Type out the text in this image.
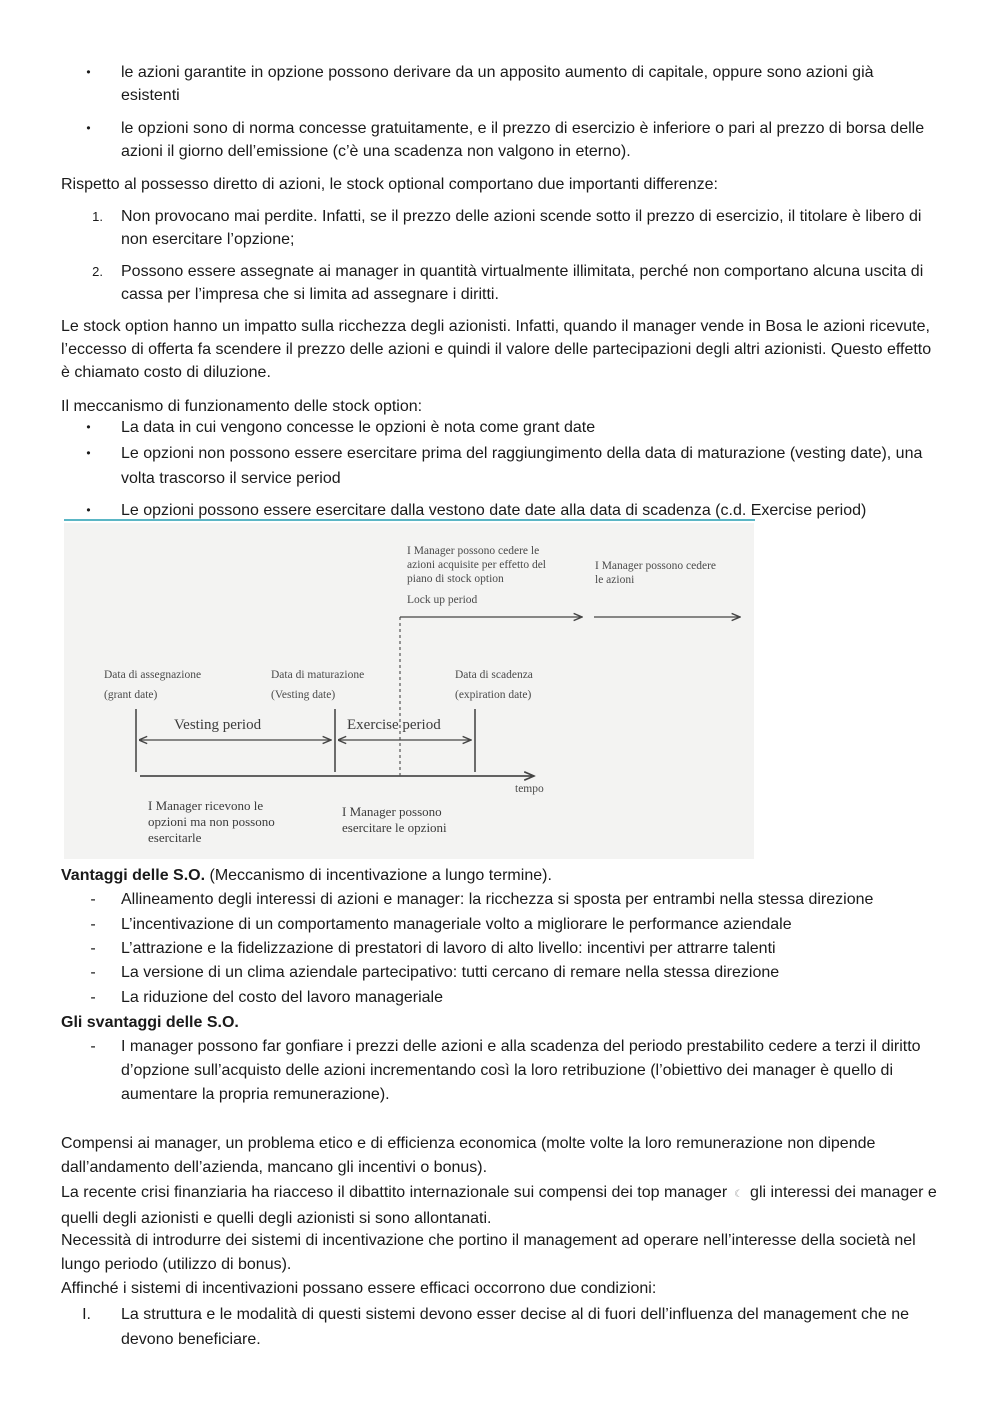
•	le azioni garantite in opzione possono derivare da un apposito aumento di capitale, oppure sono azioni già esistenti
•	le opzioni sono di norma concesse gratuitamente, e il prezzo di esercizio è inferiore o pari al prezzo di borsa delle azioni il giorno dell’emissione (c’è una scadenza non valgono in eterno).
Rispetto al possesso diretto di azioni, le stock optional comportano due importanti differenze:
1. Non provocano mai perdite. Infatti, se il prezzo delle azioni scende sotto il prezzo di esercizio, il titolare è libero di non esercitare l’opzione;
2. Possono essere assegnate ai manager in quantità virtualmente illimitata, perché non comportano alcuna uscita di cassa per l’impresa che si limita ad assegnare i diritti.
Le stock option hanno un impatto sulla ricchezza degli azionisti. Infatti, quando il manager vende in Bosa le azioni ricevute, l’eccesso di offerta fa scendere il prezzo delle azioni e quindi il valore delle partecipazioni degli altri azionisti. Questo effetto è chiamato costo di diluzione.
Il meccanismo di funzionamento delle stock option:
•	La data in cui vengono concesse le opzioni è nota come grant date
•	Le opzioni non possono essere esercitare prima del raggiungimento della data di maturazione (vesting date), una volta trascorso il service period
•	Le opzioni possono essere esercitare dalla vestono date date alla data di scadenza (c.d. Exercise period)
I Manager possono cedere le
azioni acquisite per effetto del
piano di stock option
Lock up period
I Manager possono cedere
le azioni
Data di assegnazione
(grant date)
Data di maturazione
(Vesting date)
Data di scadenza
(expiration date)
Vesting period	Exercise period
tempo
I Manager ricevono le
opzioni ma non possono
esercitarle
I Manager possono
esercitare le opzioni
Vantaggi delle S.O. (Meccanismo di incentivazione a lungo termine).
-	Allineamento degli interessi di azioni e manager: la ricchezza si sposta per entrambi nella stessa direzione
-	L’incentivazione di un comportamento manageriale volto a migliorare le performance aziendale
-	L’attrazione e la fidelizzazione di prestatori di lavoro di alto livello: incentivi per attrarre talenti
-	La versione di un clima aziendale partecipativo: tutti cercano di remare nella stessa direzione
-	La riduzione del costo del lavoro manageriale
Gli svantaggi delle S.O.
-	I manager possono far gonfiare i prezzi delle azioni e alla scadenza del periodo prestabilito cedere a terzi il diritto d’opzione sull’acquisto delle azioni incrementando così la loro retribuzione (l’obiettivo dei manager è quello di aumentare la propria remunerazione).
Compensi ai manager, un problema etico e di efficienza economica (molte volte la loro remunerazione non dipende dall’andamento dell’azienda, mancano gli incentivi o bonus).
La recente crisi finanziaria ha riacceso il dibattito internazionale sui compensi dei top manager ☾ gli interessi dei manager e quelli degli azionisti e quelli degli azionisti si sono allontanati.
Necessità di introdurre dei sistemi di incentivazione che portino il management ad operare nell’interesse della società nel lungo periodo (utilizzo di bonus).
Affinché i sistemi di incentivazioni possano essere efficaci occorrono due condizioni:
I. La struttura e le modalità di questi sistemi devono esser decise al di fuori dell’influenza del management che ne devono beneficiare.
